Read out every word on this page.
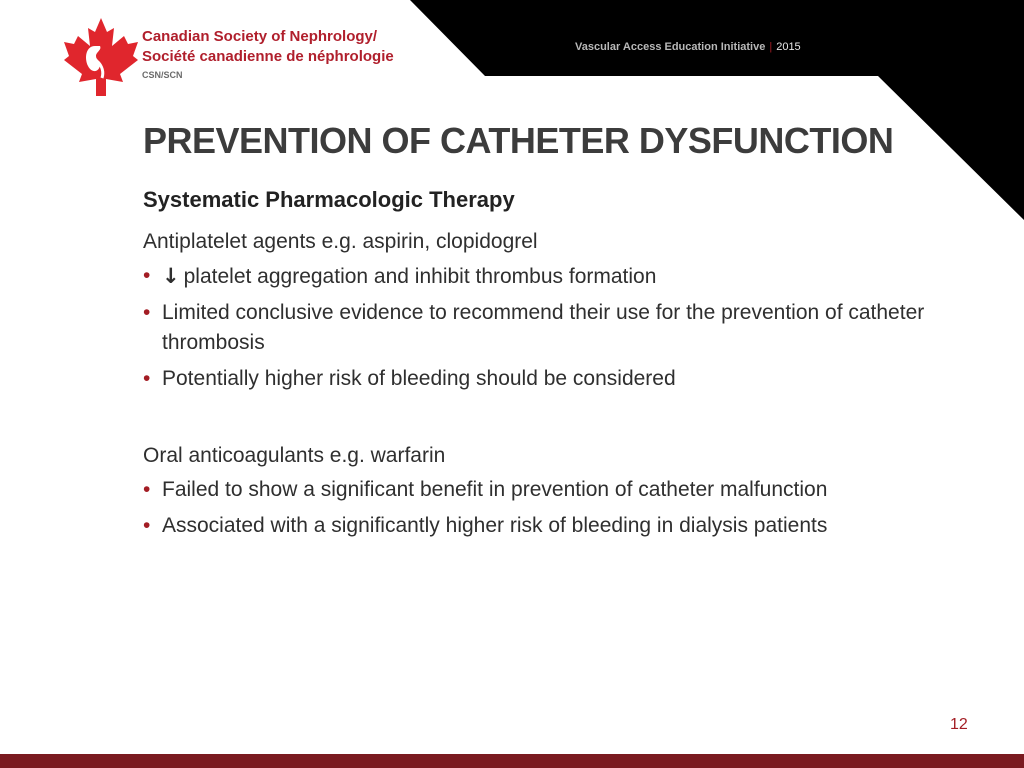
Vascular Access Education Initiative | 2015
Canadian Society of Nephrology/
Société canadienne de néphrologie
CSN/SCN
PREVENTION OF CATHETER DYSFUNCTION
Systematic Pharmacologic Therapy

Antiplatelet agents e.g. aspirin, clopidogrel

• ↓ platelet aggregation and inhibit thrombus formation
• Limited conclusive evidence to recommend their use for the prevention of catheter thrombosis
• Potentially higher risk of bleeding should be considered

Oral anticoagulants e.g. warfarin

• Failed to show a significant benefit in prevention of catheter malfunction
• Associated with a significantly higher risk of bleeding in dialysis patients
12
